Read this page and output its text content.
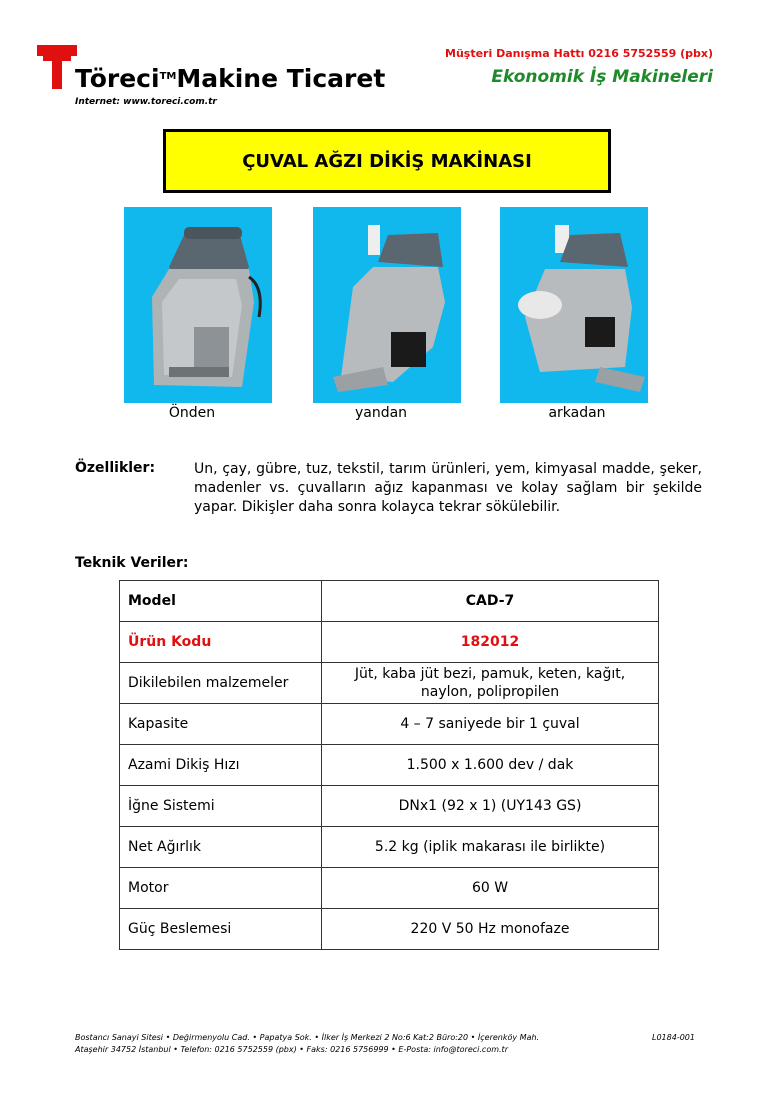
Töreci™Makine Ticaret
Internet: www.toreci.com.tr
Müşteri Danışma Hattı 0216 5752559 (pbx)
Ekonomik İş Makineleri
ÇUVAL AĞZI DİKİŞ MAKİNASI
Önden	yandan	arkadan
Özellikler:	Un, çay, gübre, tuz, tekstil, tarım ürünleri, yem, kimyasal madde, şeker, madenler vs. çuvalların ağız kapanması ve kolay sağlam bir şekilde yapar. Dikişler daha sonra kolayca tekrar sökülebilir.
Teknik Veriler:
Model	CAD-7
Ürün Kodu	182012
Dikilebilen malzemeler	Jüt, kaba jüt bezi, pamuk, keten, kağıt, naylon, polipropilen
Kapasite	4 – 7 saniyede bir 1 çuval
Azami Dikiş Hızı	1.500 x 1.600 dev / dak
İğne Sistemi	DNx1 (92 x 1) (UY143 GS)
Net Ağırlık	5.2 kg (iplik makarası ile birlikte)
Motor	60 W
Güç Beslemesi	220 V 50 Hz monofaze
Bostancı Sanayi Sitesi • Değirmenyolu Cad. • Papatya Sok. • İlker İş Merkezi 2 No:6 Kat:2 Büro:20 • İçerenköy Mah.
Ataşehir 34752 İstanbul • Telefon: 0216 5752559 (pbx) • Faks: 0216 5756999 • E-Posta: info@toreci.com.tr
L0184-001
